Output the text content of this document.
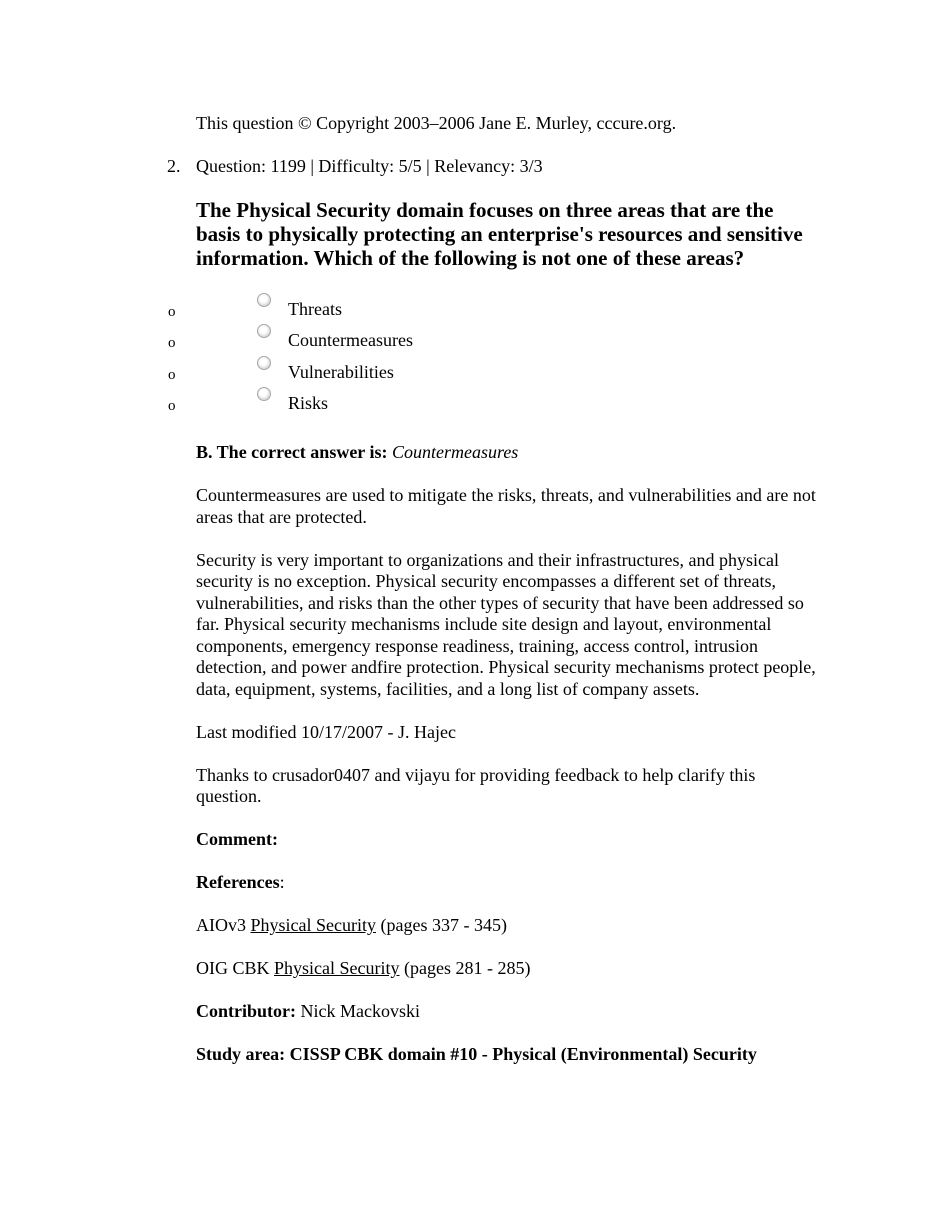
This question © Copyright 2003–2006 Jane E. Murley, cccure.org.

2. Question: 1199 | Difficulty: 5/5 | Relevancy: 3/3

The Physical Security domain focuses on three areas that are the basis to physically protecting an enterprise's resources and sensitive information. Which of the following is not one of these areas?

o	Threats
o	Countermeasures
o	Vulnerabilities
o	Risks

B. The correct answer is: Countermeasures

Countermeasures are used to mitigate the risks, threats, and vulnerabilities and are not areas that are protected.

Security is very important to organizations and their infrastructures, and physical security is no exception. Physical security encompasses a different set of threats, vulnerabilities, and risks than the other types of security that have been addressed so far. Physical security mechanisms include site design and layout, environmental components, emergency response readiness, training, access control, intrusion detection, and power andfire protection. Physical security mechanisms protect people, data, equipment, systems, facilities, and a long list of company assets.

Last modified 10/17/2007 - J. Hajec

Thanks to crusador0407 and vijayu for providing feedback to help clarify this question.

Comment:

References:

AIOv3 Physical Security (pages 337 - 345)

OIG CBK Physical Security (pages 281 - 285)

Contributor: Nick Mackovski

Study area: CISSP CBK domain #10 - Physical (Environmental) Security
